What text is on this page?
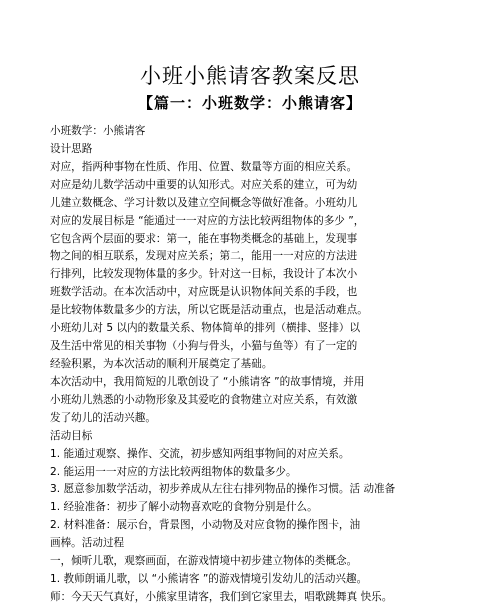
小班小熊请客教案反思
【篇一：小班数学：小熊请客】
小班数学：小熊请客
设计思路
对应，指两种事物在性质、作用、位置、数量等方面的相应关系。
对应是幼儿数学活动中重要的认知形式。对应关系的建立，可为幼
儿建立数概念、学习计数以及建立空间概念等做好准备。小班幼儿
对应的发展目标是 “能通过一一对应的方法比较两组物体的多少 ”，
它包含两个层面的要求：第一，能在事物类概念的基础上，发现事
物之间的相互联系，发现对应关系；第二，能用一一对应的方法进
行排列，比较发现物体量的多少。针对这一目标，我设计了本次小
班数学活动。在本次活动中，对应既是认识物体间关系的手段，也
是比较物体数量多少的方法，所以它既是活动重点，也是活动难点。
小班幼儿对 5 以内的数量关系、物体简单的排列（横排、竖排）以
及生活中常见的相关事物（小狗与骨头，小猫与鱼等）有了一定的
经验积累，为本次活动的顺利开展奠定了基础。
本次活动中，我用简短的儿歌创设了 “小熊请客 ”的故事情境，并用
小班幼儿熟悉的小动物形象及其爱吃的食物建立对应关系，有效激
发了幼儿的活动兴趣。
活动目标
1. 能通过观察、操作、交流，初步感知两组事物间的对应关系。
2. 能运用一一对应的方法比较两组物体的数量多少。
3. 愿意参加数学活动，初步养成从左往右排列物品的操作习惯。活 动准备
1. 经验准备：初步了解小动物喜欢吃的食物分别是什么。
2. 材料准备：展示台，背景图，小动物及对应食物的操作图卡，油
画棒。活动过程
一，倾听儿歌，观察画面，在游戏情境中初步建立物体的类概念。
1. 教师朗诵儿歌，以 “小熊请客 ”的游戏情境引发幼儿的活动兴趣。
师：今天天气真好，小熊家里请客，我们到它家里去，唱歌跳舞真 快乐。
